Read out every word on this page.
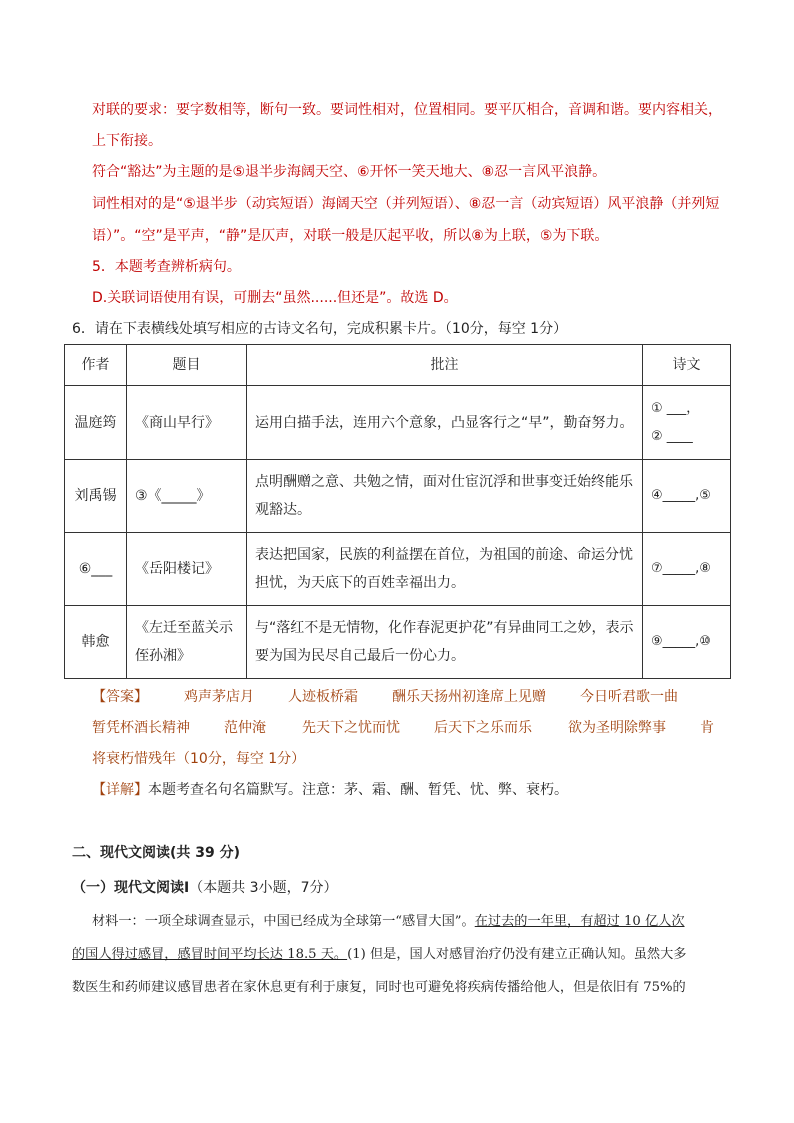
对联的要求：要字数相等，断句一致。要词性相对，位置相同。要平仄相合，音调和谐。要内容相关，
上下衔接。
符合“豁达”为主题的是⑤退半步海阔天空、⑥开怀一笑天地大、⑧忍一言风平浪静。
词性相对的是“⑤退半步（动宾短语）海阔天空（并列短语）、⑧忍一言（动宾短语）风平浪静（并列短
语）”。“空”是平声，“静”是仄声，对联一般是仄起平收，所以⑧为上联，⑤为下联。
5．本题考查辨析病句。
D.关联词语使用有误，可删去“虽然......但还是”。故选 D。
6．请在下表横线处填写相应的古诗文名句，完成积累卡片。（10分，每空 1分）
作者	题目	批注	诗文
温庭筠	《商山早行》	运用白描手法，连用六个意象，凸显客行之“早”，勤奋努力。	① ___，
② ____

刘禹锡	③《_____》	点明酬赠之意、共勉之情，面对仕宦沉浮和世事变迁始终能乐观豁达。	④_____,⑤
⑥___	《岳阳楼记》	表达把国家，民族的利益摆在首位，为祖国的前途、命运分忧担忧，为天底下的百姓幸福出力。	⑦_____,⑧
韩愈	《左迁至蓝关示侄孙湘》	与“落红不是无情物，化作春泥更护花”有异曲同工之妙，表示要为国为民尽自己最后一份心力。	⑨_____,⑩
【答案】	鸡声茅店月 人迹板桥霜 酬乐天扬州初逢席上见赠 今日听君歌一曲
暂凭杯酒长精神 范仲淹	先天下之忧而忧 后天下之乐而乐	欲为圣明除弊事 肯
将衰朽惜残年（10分，每空 1分）
【详解】本题考查名句名篇默写。注意：茅、霜、酬、暂凭、忧、弊、衰朽。
二、现代文阅读(共 39 分)
（一）现代文阅读Ⅰ（本题共 3小题，7分）
材料一：一项全球调查显示，中国已经成为全球第一“感冒大国”。在过去的一年里，有超过 10 亿人次
的国人得过感冒，感冒时间平均长达 18.5 天。(1) 但是，国人对感冒治疗仍没有建立正确认知。虽然大多
数医生和药师建议感冒患者在家休息更有利于康复，同时也可避免将疾病传播给他人，但是依旧有 75%的
